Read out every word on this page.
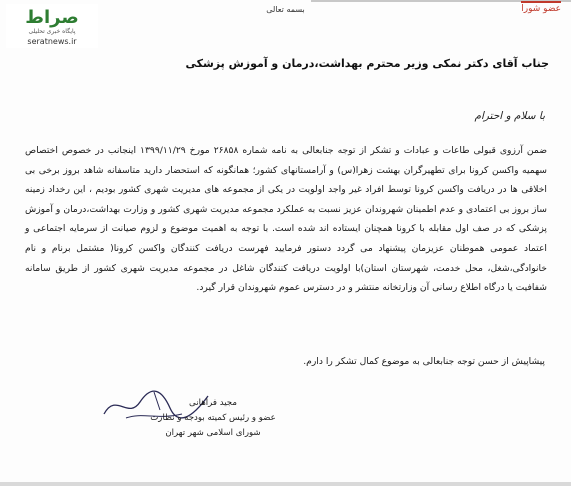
صراط
پایگاه خبری تحلیلی
seratnews.ir
بسمه تعالی	عضو شورا
جناب آقای دکتر نمکی وزیر محترم بهداشت،درمان و آموزش پزشکی
با سلام و احترام

ضمن آرزوی قبولی طاعات و عبادات و تشکر از توجه جنابعالی به نامه شماره ۲۶۸۵۸ مورخ ۱۳۹۹/۱۱/۲۹ اینجانب در خصوص اختصاص سهمیه واکسن کرونا برای تطهیرگران بهشت زهرا(س) و آرامستانهای کشور؛ همانگونه که استحضار دارید متاسفانه شاهد بروز برخی بی اخلاقی ها در دریافت واکسن کرونا توسط افراد غیر واجد اولویت در یکی از مجموعه های مدیریت شهری کشور بودیم ، این رخداد زمینه ساز بروز بی اعتمادی و عدم اطمینان شهروندان عزیز نسبت به عملکرد مجموعه مدیریت شهری کشور و وزارت بهداشت،درمان و آموزش پزشکی که در صف اول مقابله با کرونا همچنان ایستاده اند شده است. با توجه به اهمیت موضوع و لزوم صیانت از سرمایه اجتماعی و اعتماد عمومی هموطنان عزیزمان پیشنهاد می گردد دستور فرمایید فهرست دریافت کنندگان واکسن کرونا( مشتمل برنام و نام خانوادگی،شغل، محل خدمت، شهرستان استان)با اولویت دریافت کنندگان شاغل در مجموعه مدیریت شهری کشور از طریق سامانه شفافیت یا درگاه اطلاع رسانی آن وزارتخانه منتشر و در دسترس عموم شهروندان قرار گیرد.

پیشاپیش از حسن توجه جنابعالی به موضوع کمال تشکر را دارم.
مجید فراهانی
عضو و رئیس کمیته بودجه و نظارت
شورای اسلامی شهر تهران
